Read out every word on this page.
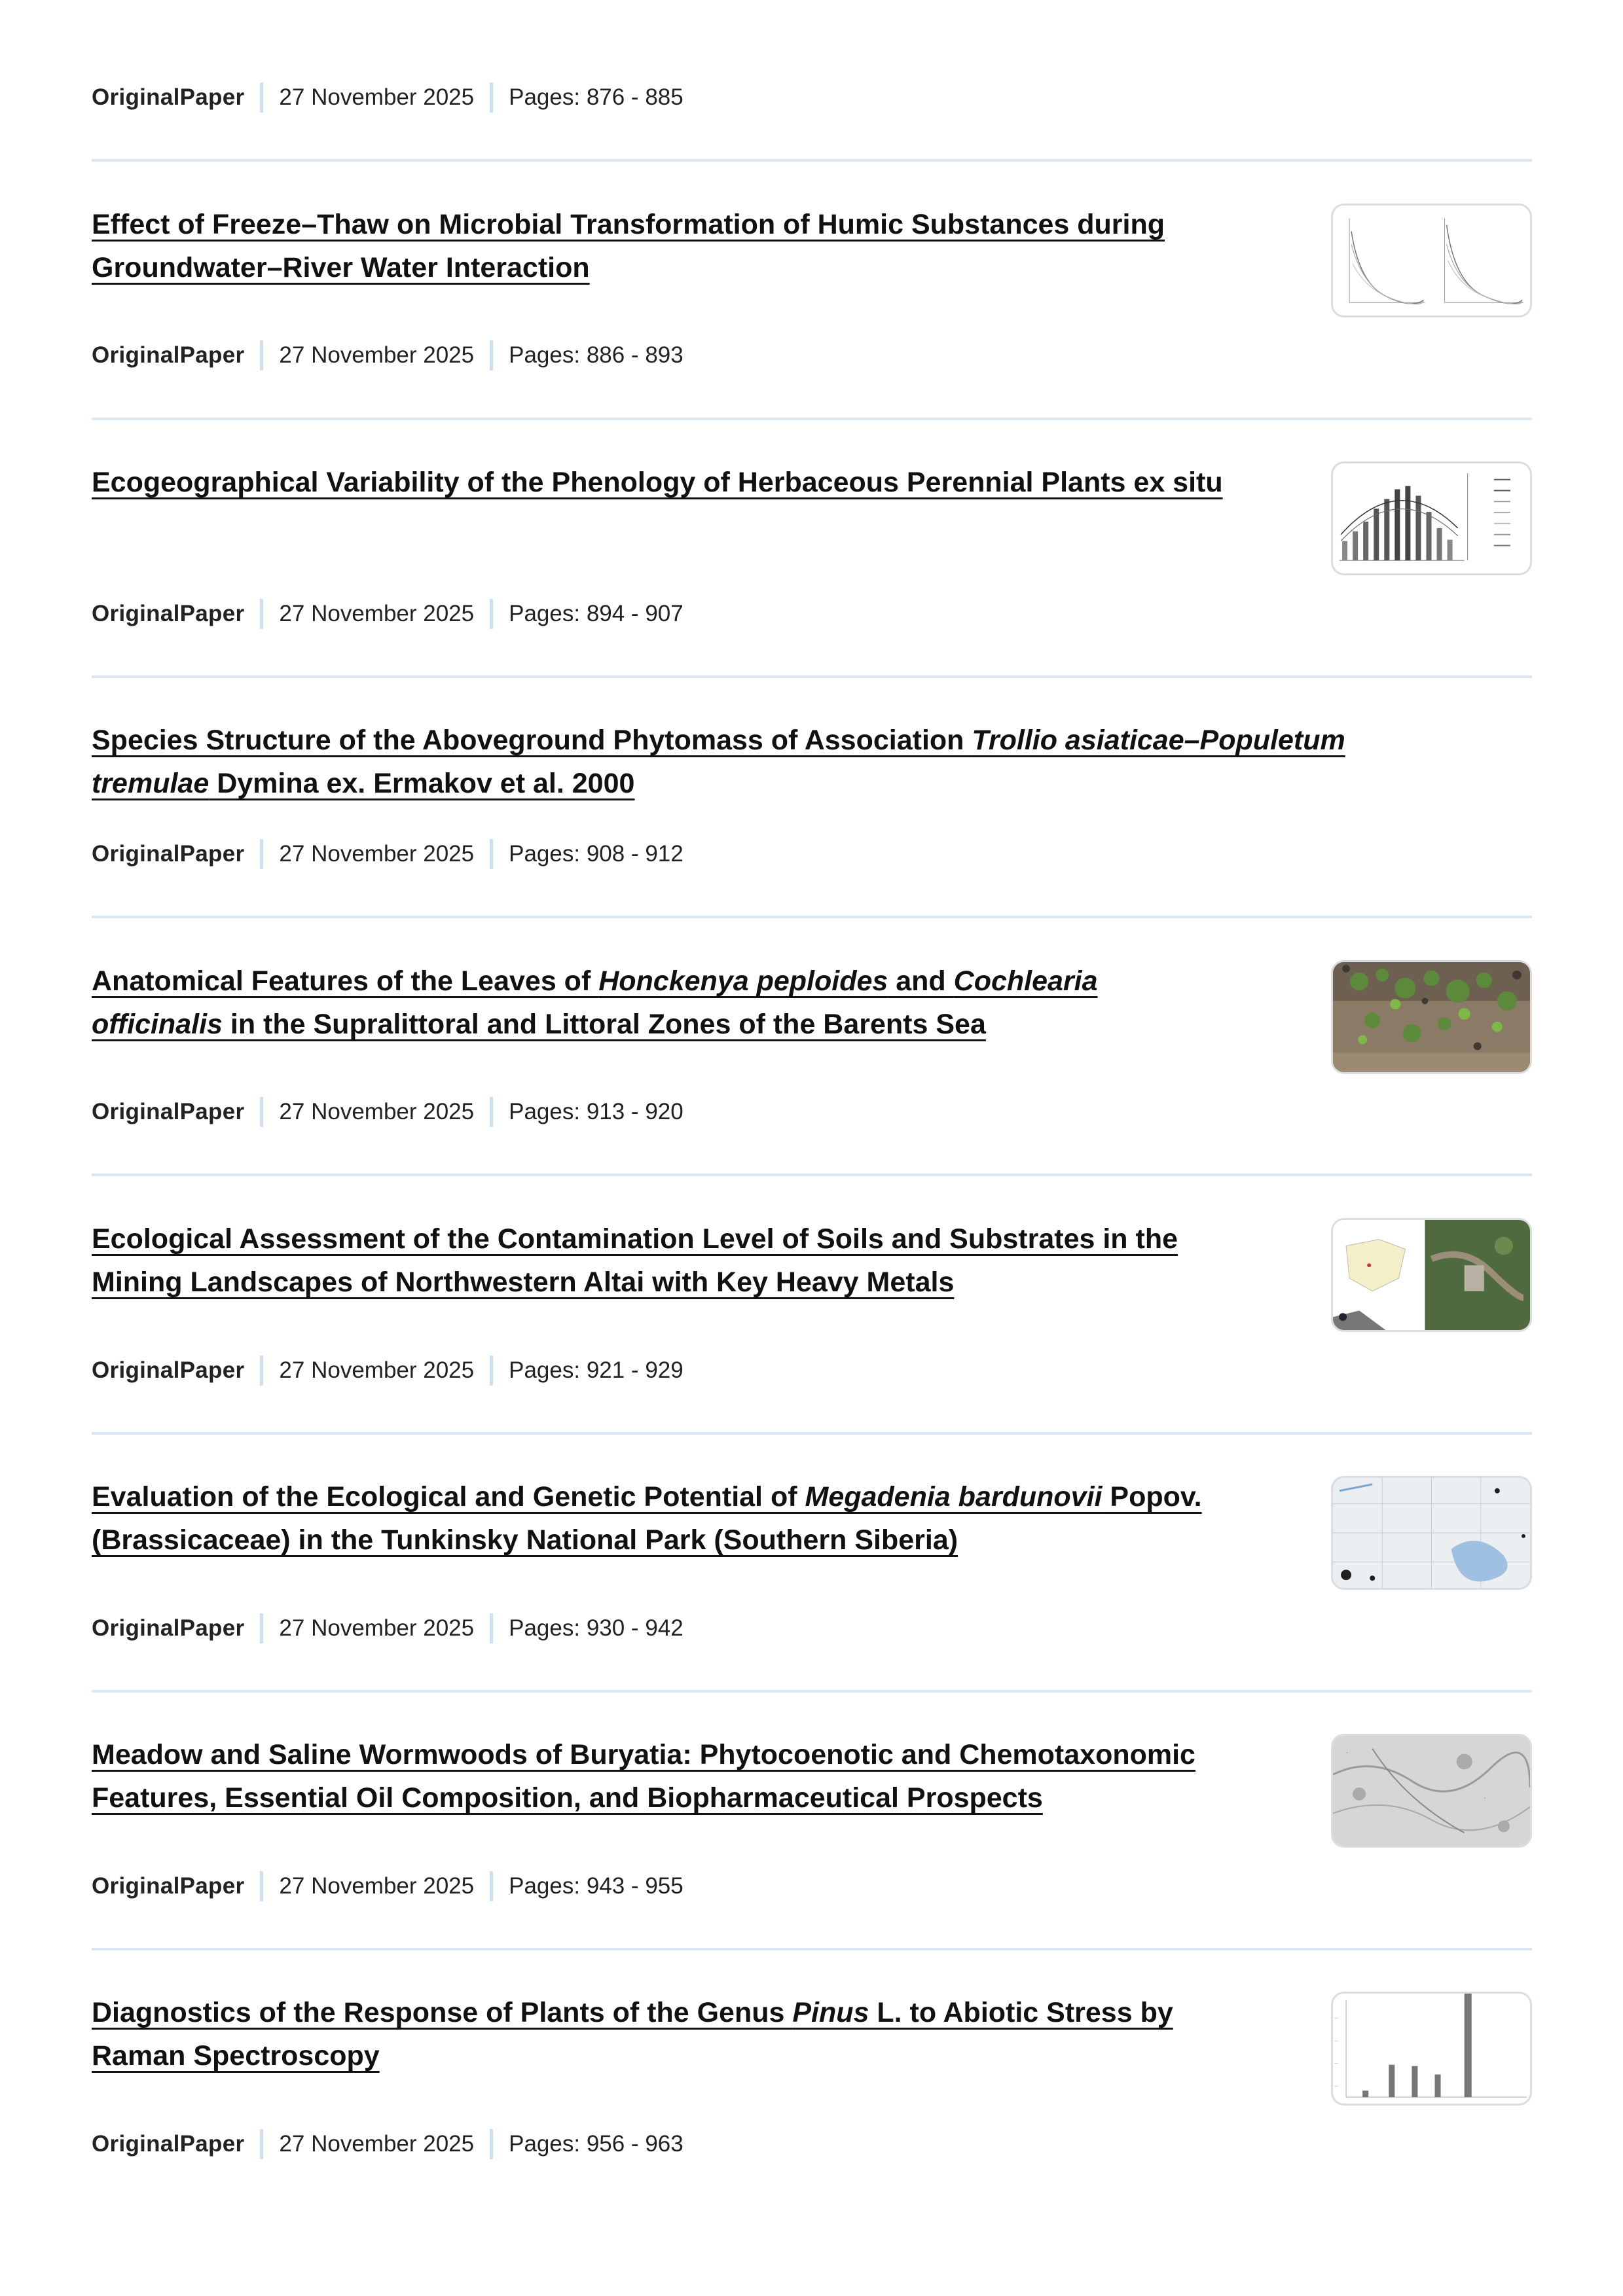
OriginalPaper 27 November 2025 Pages: 876 - 885
Effect of Freeze–Thaw on Microbial Transformation of Humic Substances during
Groundwater–River Water Interaction
OriginalPaper 27 November 2025 Pages: 886 - 893
Ecogeographical Variability of the Phenology of Herbaceous Perennial Plants ex situ
OriginalPaper 27 November 2025 Pages: 894 - 907
Species Structure of the Aboveground Phytomass of Association Trollio asiaticae–Populetum
tremulae Dymina ex. Ermakov et al. 2000
OriginalPaper 27 November 2025 Pages: 908 - 912
Anatomical Features of the Leaves of Honckenya peploides and Cochlearia
officinalis in the Supralittoral and Littoral Zones of the Barents Sea
OriginalPaper 27 November 2025 Pages: 913 - 920
Ecological Assessment of the Contamination Level of Soils and Substrates in the
Mining Landscapes of Northwestern Altai with Key Heavy Metals
OriginalPaper 27 November 2025 Pages: 921 - 929
Evaluation of the Ecological and Genetic Potential of Megadenia bardunovii Popov.
(Brassicaceae) in the Tunkinsky National Park (Southern Siberia)
OriginalPaper 27 November 2025 Pages: 930 - 942
Meadow and Saline Wormwoods of Buryatia: Phytocoenotic and Chemotaxonomic
Features, Essential Oil Composition, and Biopharmaceutical Prospects
·
·
OriginalPaper 27 November 2025 Pages: 943 - 955
Diagnostics of the Response of Plants of the Genus Pinus L. to Abiotic Stress by
Raman Spectroscopy
—
—
—
—
OriginalPaper 27 November 2025 Pages: 956 - 963
